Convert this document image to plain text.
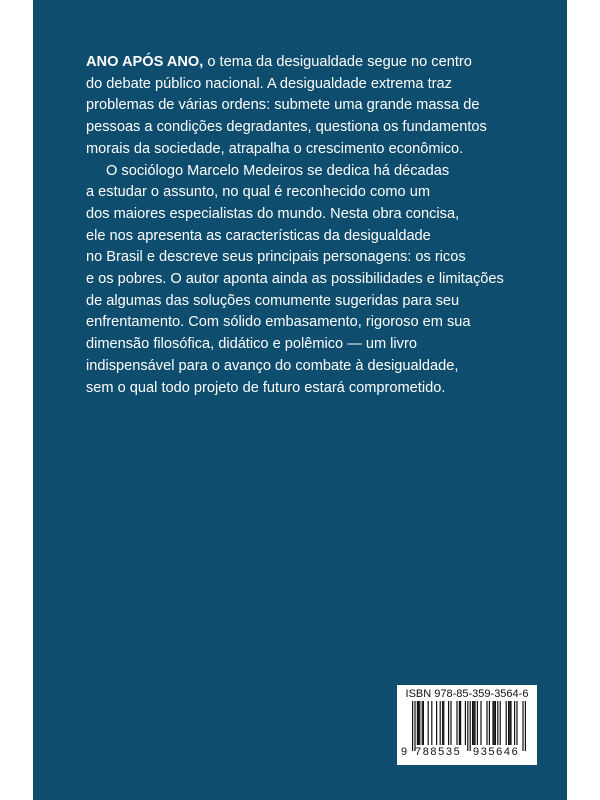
ANO APÓS ANO, o tema da desigualdade segue no centro
do debate público nacional. A desigualdade extrema traz
problemas de várias ordens: submete uma grande massa de
pessoas a condições degradantes, questiona os fundamentos
morais da sociedade, atrapalha o crescimento econômico.
O sociólogo Marcelo Medeiros se dedica há décadas
a estudar o assunto, no qual é reconhecido como um
dos maiores especialistas do mundo. Nesta obra concisa,
ele nos apresenta as características da desigualdade
no Brasil e descreve seus principais personagens: os ricos
e os pobres. O autor aponta ainda as possibilidades e limitações
de algumas das soluções comumente sugeridas para seu
enfrentamento. Com sólido embasamento, rigoroso em sua
dimensão filosófica, didático e polêmico — um livro
indispensável para o avanço do combate à desigualdade,
sem o qual todo projeto de futuro estará comprometido.
ISBN 978-85-359-3564-6
9 788535 935646
